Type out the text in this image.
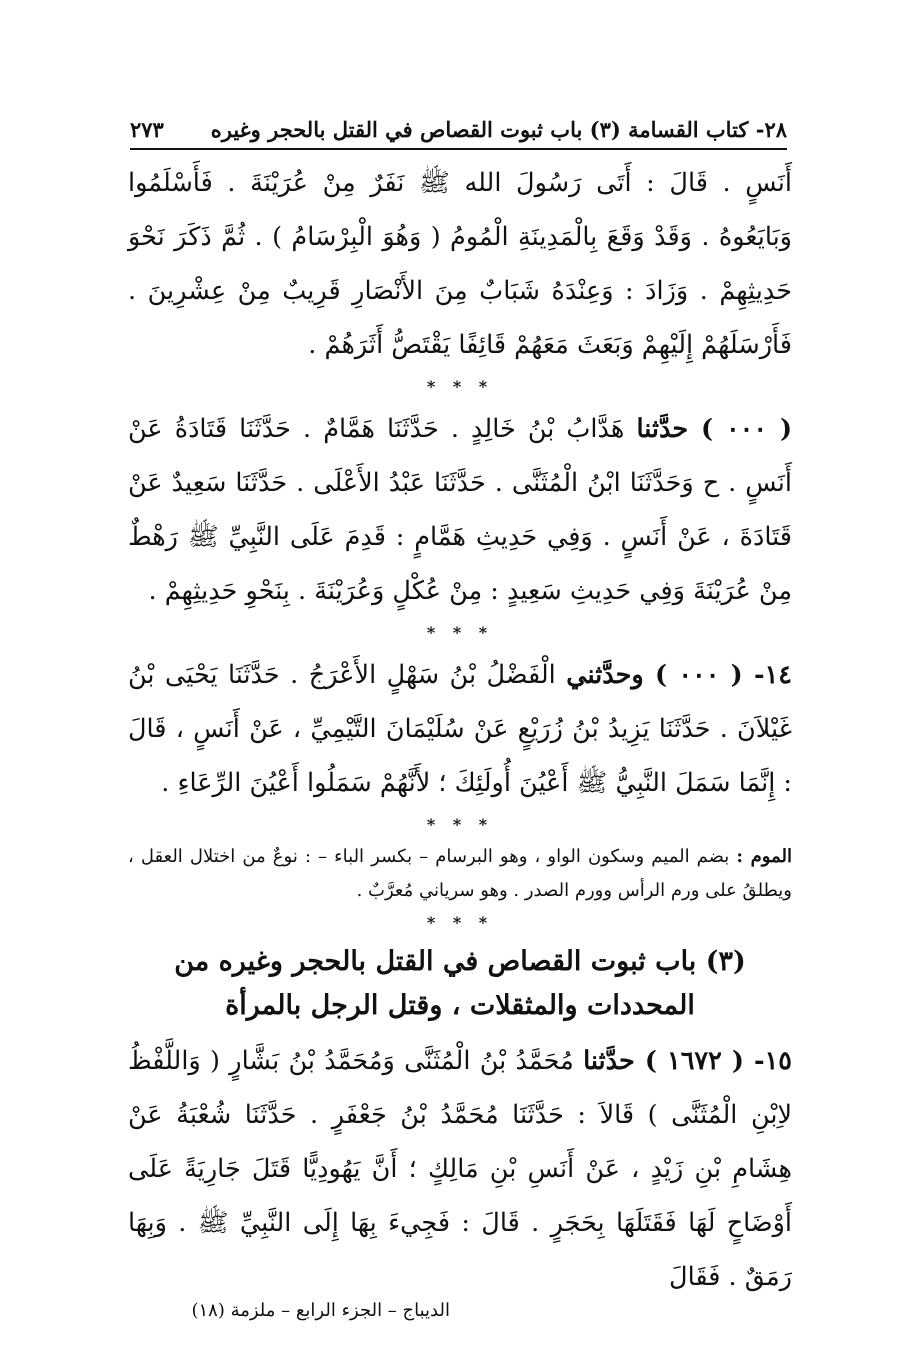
٢٨- كتاب القسامة (٣) باب ثبوت القصاص في القتل بالحجر وغيره
٢٧٣

أَنَسٍ . قَالَ : أَتَى رَسُولَ الله ﷺ نَفَرٌ مِنْ عُرَيْنَةَ . فَأَسْلَمُوا وَبَايَعُوهُ . وَقَدْ وَقَعَ بِالْمَدِينَةِ الْمُومُ ( وَهُوَ الْبِرْسَامُ ) . ثُمَّ ذَكَرَ نَحْوَ حَدِيثِهِمْ . وَزَادَ : وَعِنْدَهُ شَبَابٌ مِنَ الأَنْصَارِ قَرِيبٌ مِنْ عِشْرِينَ . فَأَرْسَلَهُمْ إِلَيْهِمْ وَبَعَثَ مَعَهُمْ قَائِفًا يَقْتَصُّ أَثَرَهُمْ .

* * *

( ٠٠٠ ) حدَّثنا هَدَّابُ بْنُ خَالِدٍ . حَدَّثَنَا هَمَّامٌ . حَدَّثَنَا قَتَادَةُ عَنْ أَنَسٍ . ح وَحَدَّثَنَا ابْنُ الْمُثَنَّى . حَدَّثَنَا عَبْدُ الأَعْلَى . حَدَّثَنَا سَعِيدٌ عَنْ قَتَادَةَ ، عَنْ أَنَسٍ . وَفِي حَدِيثِ هَمَّامٍ : قَدِمَ عَلَى النَّبِيِّ ﷺ رَهْطٌ مِنْ عُرَيْنَةَ وَفِي حَدِيثِ سَعِيدٍ : مِنْ عُكْلٍ وَعُرَيْنَةَ . بِنَحْوِ حَدِيثِهِمْ .

* * *

١٤- ( ٠٠٠ ) وحدَّثني الْفَضْلُ بْنُ سَهْلٍ الأَعْرَجُ . حَدَّثَنَا يَحْيَى بْنُ غَيْلاَنَ . حَدَّثَنَا يَزِيدُ بْنُ زُرَيْعٍ عَنْ سُلَيْمَانَ التَّيْمِيِّ ، عَنْ أَنَسٍ ، قَالَ : إِنَّمَا سَمَلَ النَّبِيُّ ﷺ أَعْيُنَ أُولَئِكَ ؛ لأَنَّهُمْ سَمَلُوا أَعْيُنَ الرِّعَاءِ .

* * *

الموم : بضم الميم وسكون الواو ، وهو البرسام – بكسر الباء – : نوعٌ من اختلال العقل ، ويطلقُ على ورم الرأس وورم الصدر . وهو سرياني مُعرَّبٌ .

* * *
(٣) باب ثبوت القصاص في القتل بالحجر وغيره من
المحددات والمثقلات ، وقتل الرجل بالمرأة

١٥- ( ١٦٧٢ ) حدَّثنا مُحَمَّدُ بْنُ الْمُثَنَّى وَمُحَمَّدُ بْنُ بَشَّارٍ ( وَاللَّفْظُ لاِبْنِ الْمُثَنَّى ) قَالاَ : حَدَّثَنَا مُحَمَّدُ بْنُ جَعْفَرٍ . حَدَّثَنَا شُعْبَةُ عَنْ هِشَامِ بْنِ زَيْدٍ ، عَنْ أَنَسِ بْنِ مَالِكٍ ؛ أَنَّ يَهُودِيًّا قَتَلَ جَارِيَةً عَلَى أَوْضَاحٍ لَهَا فَقَتَلَهَا بِحَجَرٍ . قَالَ : فَجِيءَ بِهَا إِلَى النَّبِيِّ ﷺ . وَبِهَا رَمَقٌ . فَقَالَ

الديباج – الجزء الرابع – ملزمة (١٨)
